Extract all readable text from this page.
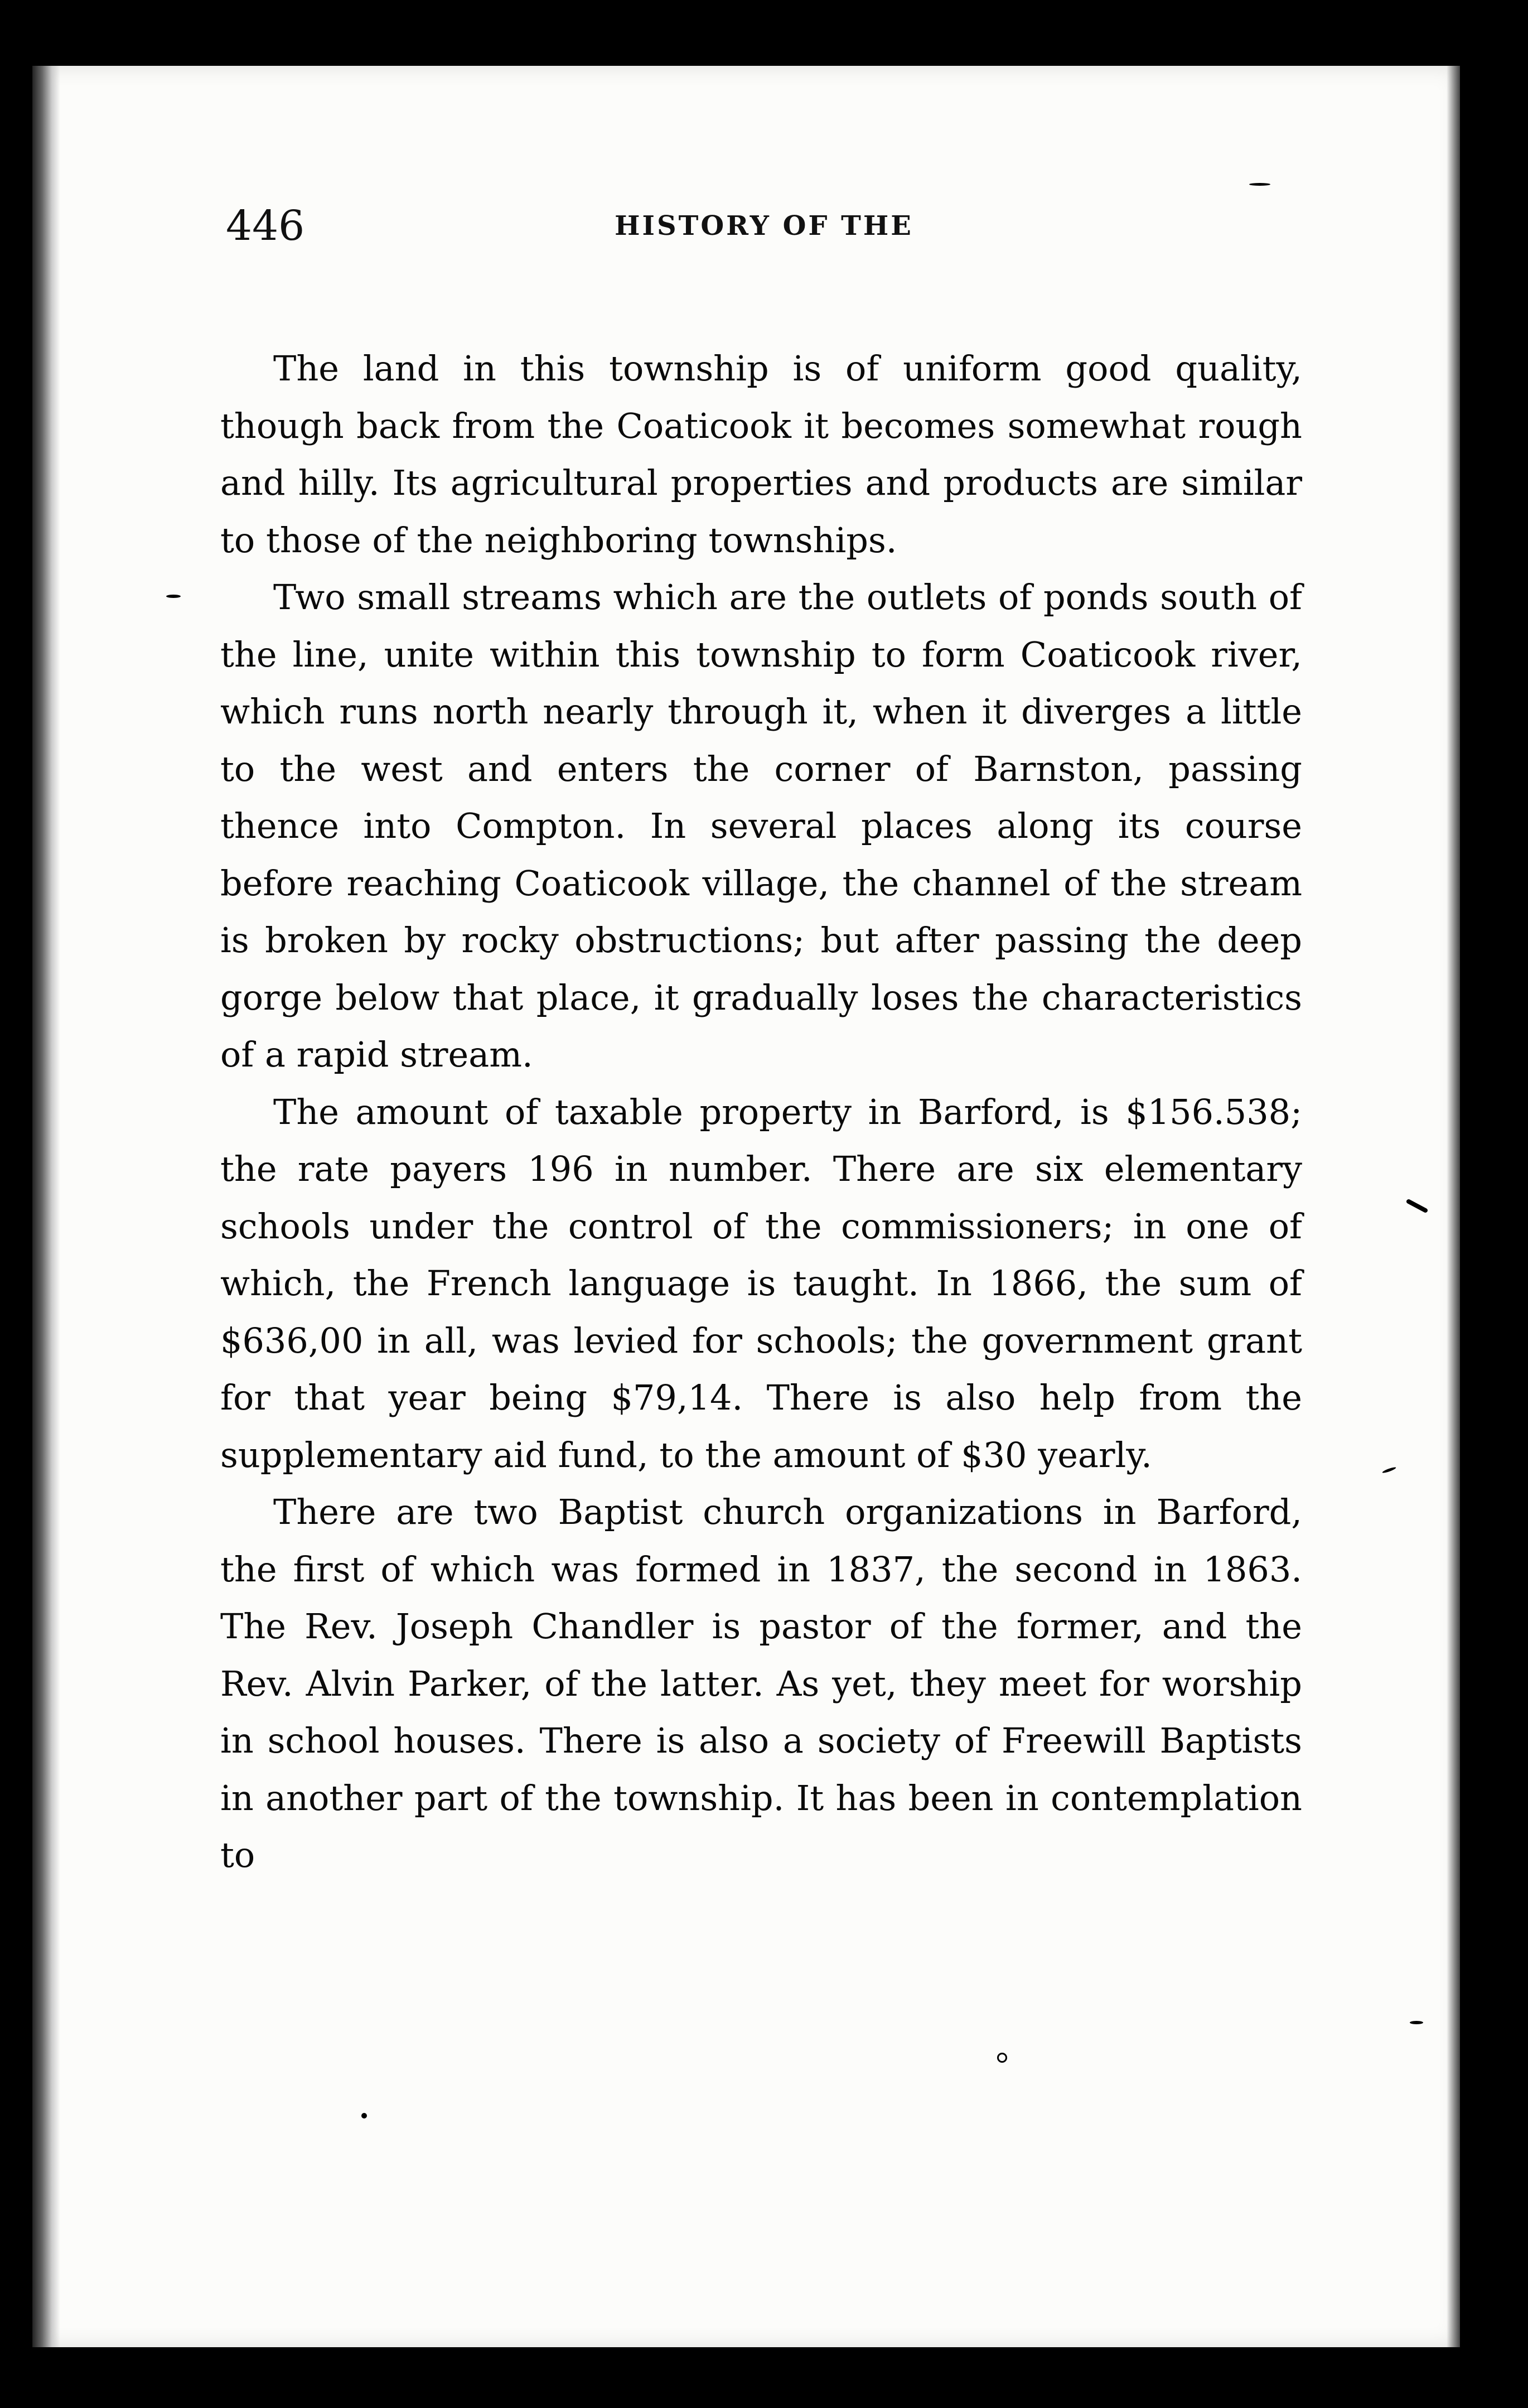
446	HISTORY OF THE

The land in this township is of uniform good quality, though back from the Coaticook it becomes somewhat rough and hilly. Its agricultural properties and products are similar to those of the neighboring townships.

Two small streams which are the outlets of ponds south of the line, unite within this township to form Coaticook river, which runs north nearly through it, when it diverges a little to the west and enters the corner of Barnston, passing thence into Compton. In several places along its course before reaching Coaticook village, the channel of the stream is broken by rocky obstructions; but after passing the deep gorge below that place, it gradually loses the characteristics of a rapid stream.

The amount of taxable property in Barford, is $156.538; the rate payers 196 in number. There are six elementary schools under the control of the commissioners; in one of which, the French language is taught. In 1866, the sum of $636,00 in all, was levied for schools; the government grant for that year being $79,14. There is also help from the supplementary aid fund, to the amount of $30 yearly.

There are two Baptist church organizations in Barford, the first of which was formed in 1837, the second in 1863. The Rev. Joseph Chandler is pastor of the former, and the Rev. Alvin Parker, of the latter. As yet, they meet for worship in school houses. There is also a society of Freewill Baptists in another part of the township. It has been in contemplation to
